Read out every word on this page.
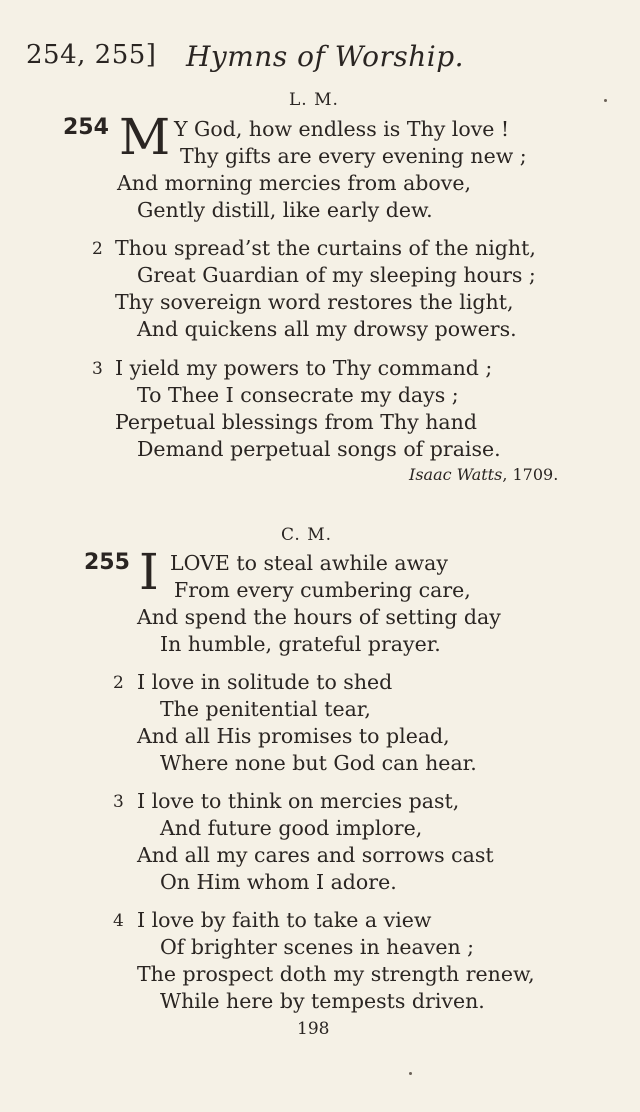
254, 255] Hymns of Worship.
L. M.
254 M Y God, how endless is Thy love !
Thy gifts are every evening new ;
And morning mercies from above,
Gently distill, like early dew.
2 Thou spread’st the curtains of the night,
Great Guardian of my sleeping hours ;
Thy sovereign word restores the light,
And quickens all my drowsy powers.
3 I yield my powers to Thy command ;
To Thee I consecrate my days ;
Perpetual blessings from Thy hand
Demand perpetual songs of praise.
Isaac Watts, 1709.
C. M.
255 I LOVE to steal awhile away
From every cumbering care,
And spend the hours of setting day
In humble, grateful prayer.
2 I love in solitude to shed
The penitential tear,
And all His promises to plead,
Where none but God can hear.
3 I love to think on mercies past,
And future good implore,
And all my cares and sorrows cast
On Him whom I adore.
4 I love by faith to take a view
Of brighter scenes in heaven ;
The prospect doth my strength renew,
While here by tempests driven.
198
